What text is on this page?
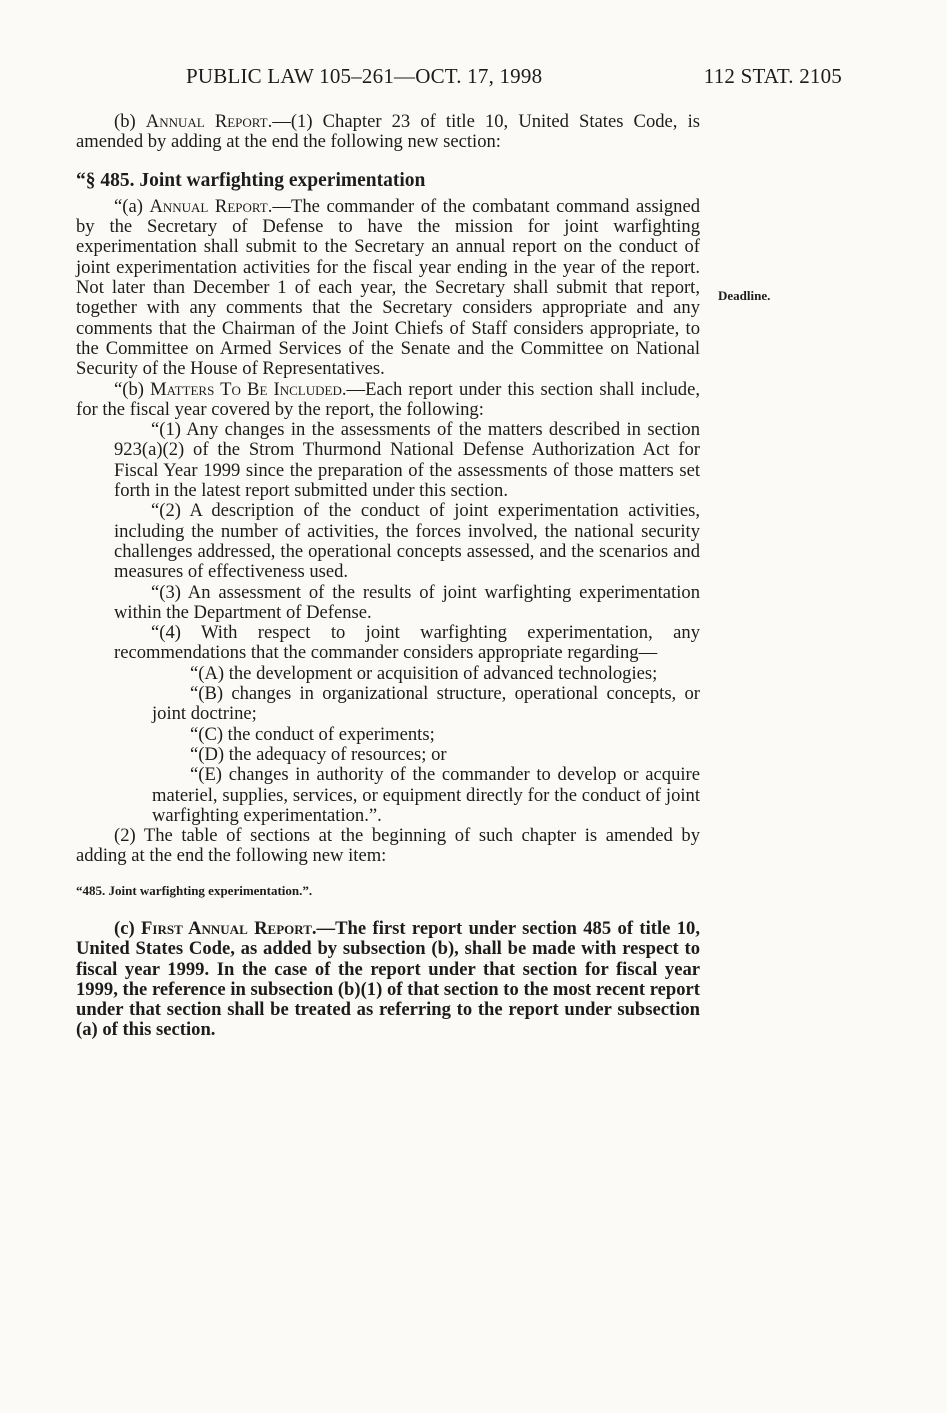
PUBLIC LAW 105–261—OCT. 17, 1998	112 STAT. 2105
Deadline.

(b) Annual Report.—(1) Chapter 23 of title 10, United States Code, is amended by adding at the end the following new section:

“§ 485. Joint warfighting experimentation

“(a) Annual Report.—The commander of the combatant command assigned by the Secretary of Defense to have the mission for joint warfighting experimentation shall submit to the Secretary an annual report on the conduct of joint experimentation activities for the fiscal year ending in the year of the report. Not later than December 1 of each year, the Secretary shall submit that report, together with any comments that the Secretary considers appropriate and any comments that the Chairman of the Joint Chiefs of Staff considers appropriate, to the Committee on Armed Services of the Senate and the Committee on National Security of the House of Representatives.

“(b) Matters To Be Included.—Each report under this section shall include, for the fiscal year covered by the report, the following:

“(1) Any changes in the assessments of the matters described in section 923(a)(2) of the Strom Thurmond National Defense Authorization Act for Fiscal Year 1999 since the preparation of the assessments of those matters set forth in the latest report submitted under this section.

“(2) A description of the conduct of joint experimentation activities, including the number of activities, the forces involved, the national security challenges addressed, the operational concepts assessed, and the scenarios and measures of effectiveness used.

“(3) An assessment of the results of joint warfighting experimentation within the Department of Defense.

“(4) With respect to joint warfighting experimentation, any recommendations that the commander considers appropriate regarding—

“(A) the development or acquisition of advanced technologies;

“(B) changes in organizational structure, operational concepts, or joint doctrine;

“(C) the conduct of experiments;

“(D) the adequacy of resources; or

“(E) changes in authority of the commander to develop or acquire materiel, supplies, services, or equipment directly for the conduct of joint warfighting experimentation.”.

(2) The table of sections at the beginning of such chapter is amended by adding at the end the following new item:

“485. Joint warfighting experimentation.”.

(c) First Annual Report.—The first report under section 485 of title 10, United States Code, as added by subsection (b), shall be made with respect to fiscal year 1999. In the case of the report under that section for fiscal year 1999, the reference in subsection (b)(1) of that section to the most recent report under that section shall be treated as referring to the report under subsection (a) of this section.
